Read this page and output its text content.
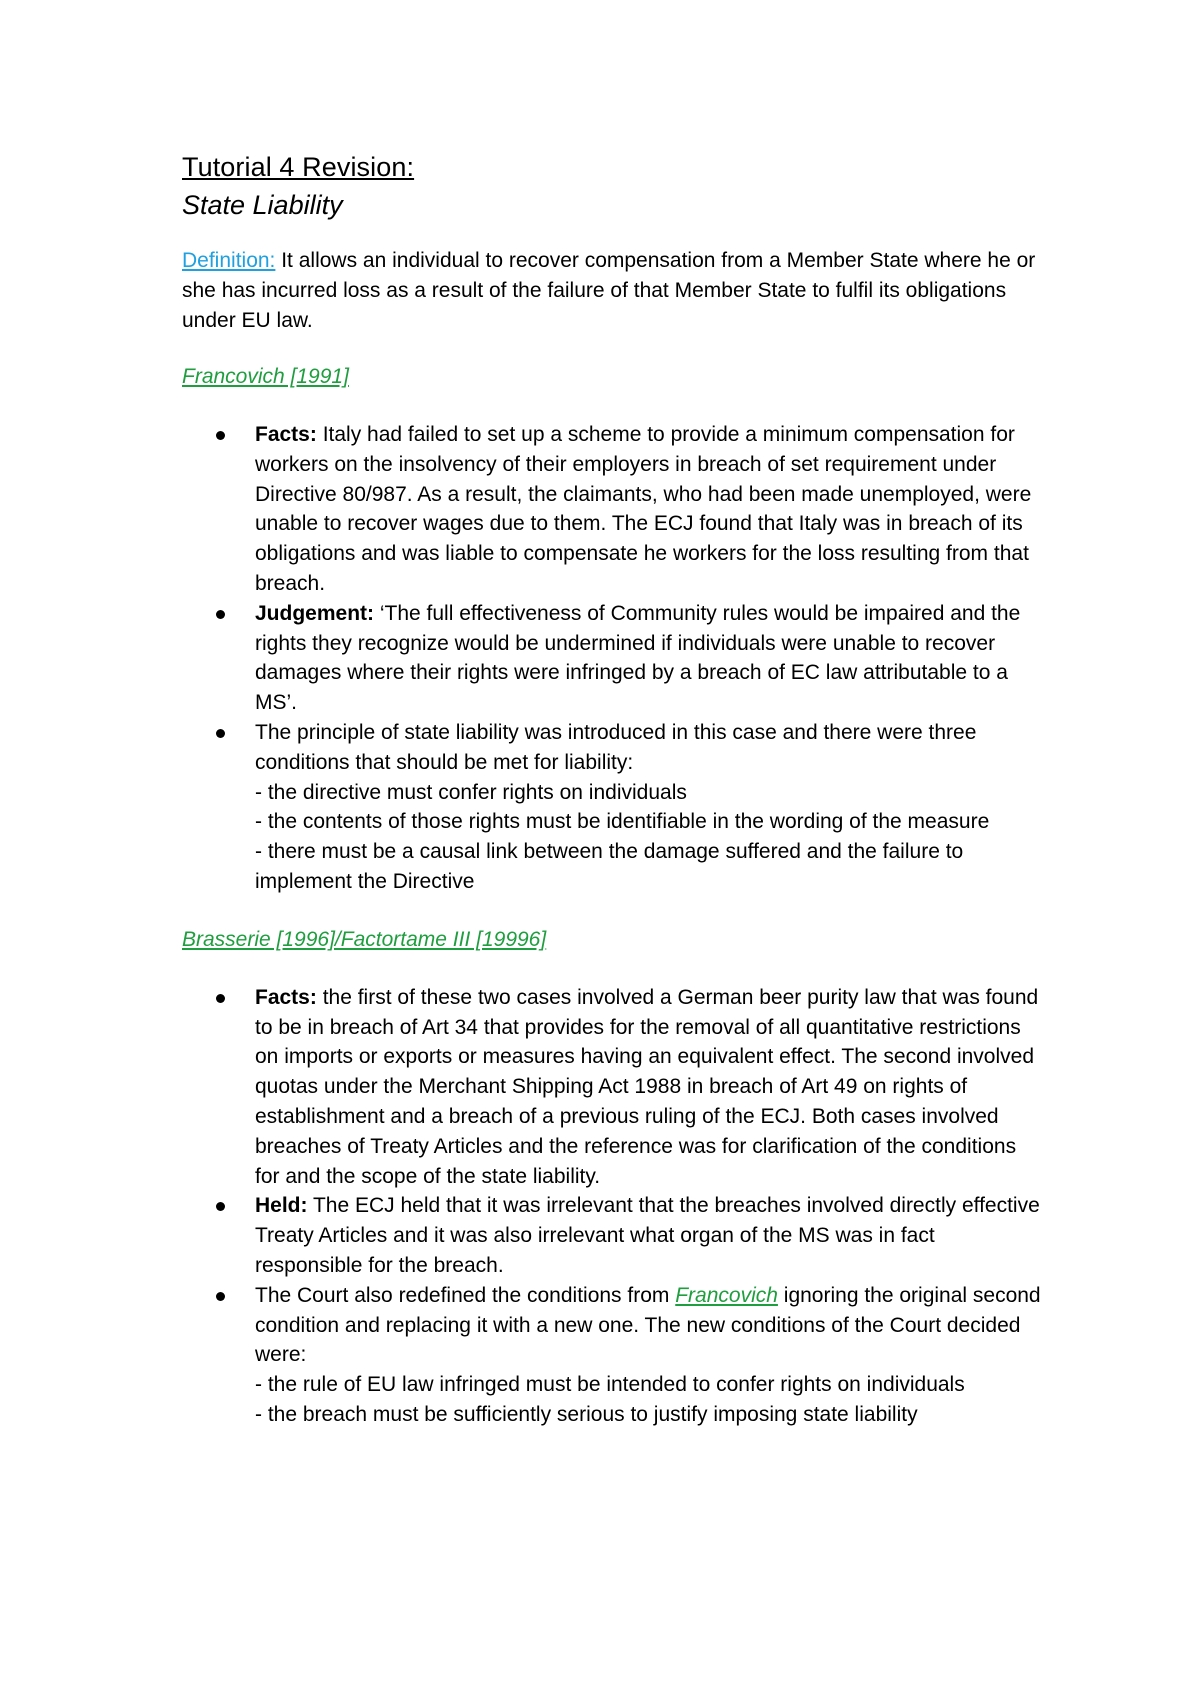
Tutorial 4 Revision:
State Liability

Definition: It allows an individual to recover compensation from a Member State where he or she has incurred loss as a result of the failure of that Member State to fulfil its obligations under EU law.

Francovich [1991]
Facts: Italy had failed to set up a scheme to provide a minimum compensation for workers on the insolvency of their employers in breach of set requirement under Directive 80/987. As a result, the claimants, who had been made unemployed, were unable to recover wages due to them. The ECJ found that Italy was in breach of its obligations and was liable to compensate he workers for the loss resulting from that breach.
Judgement: ‘The full effectiveness of Community rules would be impaired and the rights they recognize would be undermined if individuals were unable to recover damages where their rights were infringed by a breach of EC law attributable to a MS’.
The principle of state liability was introduced in this case and there were three conditions that should be met for liability:
- the directive must confer rights on individuals
- the contents of those rights must be identifiable in the wording of the measure
- there must be a causal link between the damage suffered and the failure to implement the Directive
Brasserie [1996]/Factortame III [19996]
Facts: the first of these two cases involved a German beer purity law that was found to be in breach of Art 34 that provides for the removal of all quantitative restrictions on imports or exports or measures having an equivalent effect. The second involved quotas under the Merchant Shipping Act 1988 in breach of Art 49 on rights of establishment and a breach of a previous ruling of the ECJ. Both cases involved breaches of Treaty Articles and the reference was for clarification of the conditions for and the scope of the state liability.
Held: The ECJ held that it was irrelevant that the breaches involved directly effective Treaty Articles and it was also irrelevant what organ of the MS was in fact responsible for the breach.
The Court also redefined the conditions from Francovich ignoring the original second condition and replacing it with a new one. The new conditions of the Court decided were:
- the rule of EU law infringed must be intended to confer rights on individuals
- the breach must be sufficiently serious to justify imposing state liability
